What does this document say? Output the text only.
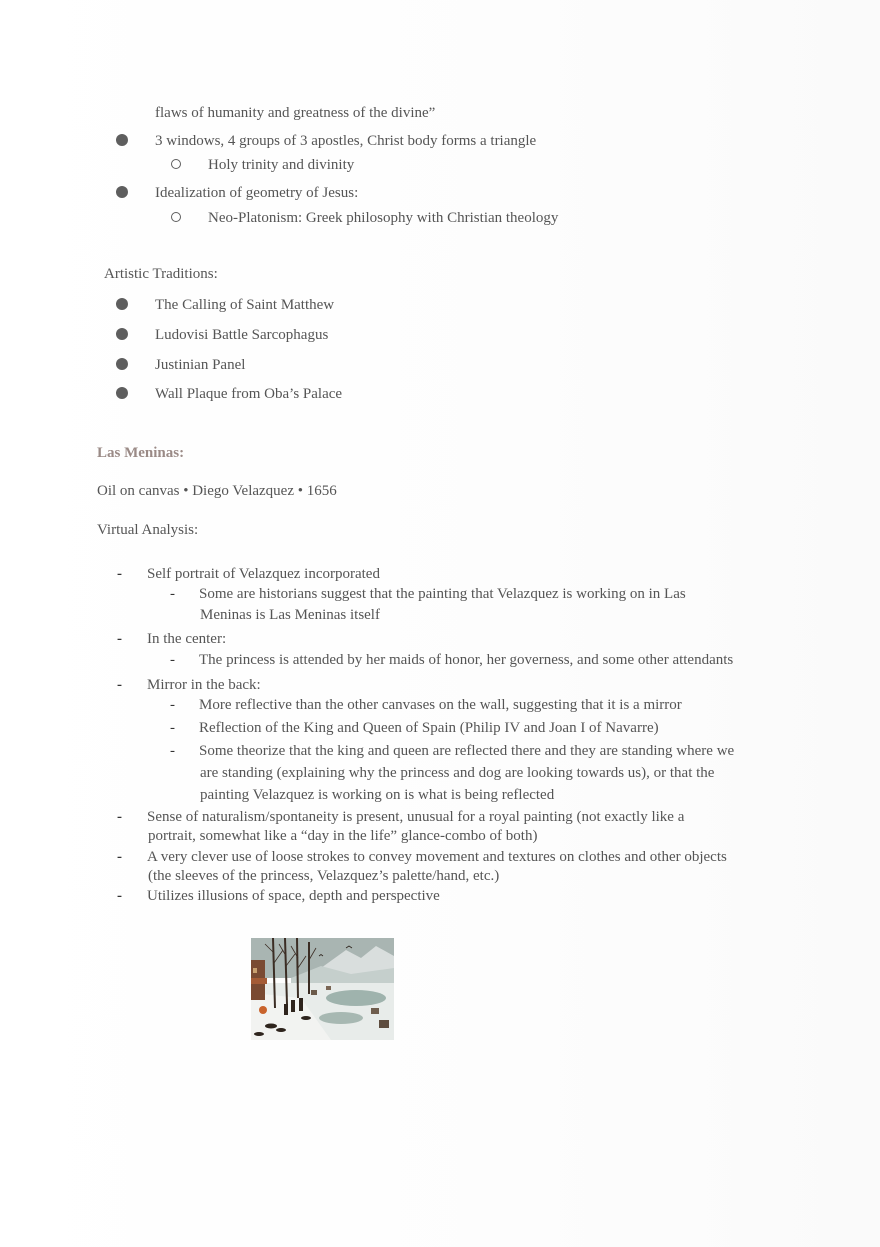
flaws of humanity and greatness of the divine”
3 windows, 4 groups of 3 apostles, Christ body forms a triangle
Holy trinity and divinity
Idealization of geometry of Jesus:
Neo-Platonism: Greek philosophy with Christian theology
Artistic Traditions:
The Calling of Saint Matthew
Ludovisi Battle Sarcophagus
Justinian Panel
Wall Plaque from Oba’s Palace
Las Meninas:
Oil on canvas • Diego Velazquez • 1656
Virtual Analysis:
- Self portrait of Velazquez incorporated
- Some are historians suggest that the painting that Velazquez is working on in Las
Meninas is Las Meninas itself
- In the center:
- The princess is attended by her maids of honor, her governess, and some other attendants
- Mirror in the back:
- More reflective than the other canvases on the wall, suggesting that it is a mirror
- Reflection of the King and Queen of Spain (Philip IV and Joan I of Navarre)
- Some theorize that the king and queen are reflected there and they are standing where we
are standing (explaining why the princess and dog are looking towards us), or that the
painting Velazquez is working on is what is being reflected
- Sense of naturalism/spontaneity is present, unusual for a royal painting (not exactly like a
portrait, somewhat like a “day in the life” glance-combo of both)
- A very clever use of loose strokes to convey movement and textures on clothes and other objects
(the sleeves of the princess, Velazquez’s palette/hand, etc.)
- Utilizes illusions of space, depth and perspective
